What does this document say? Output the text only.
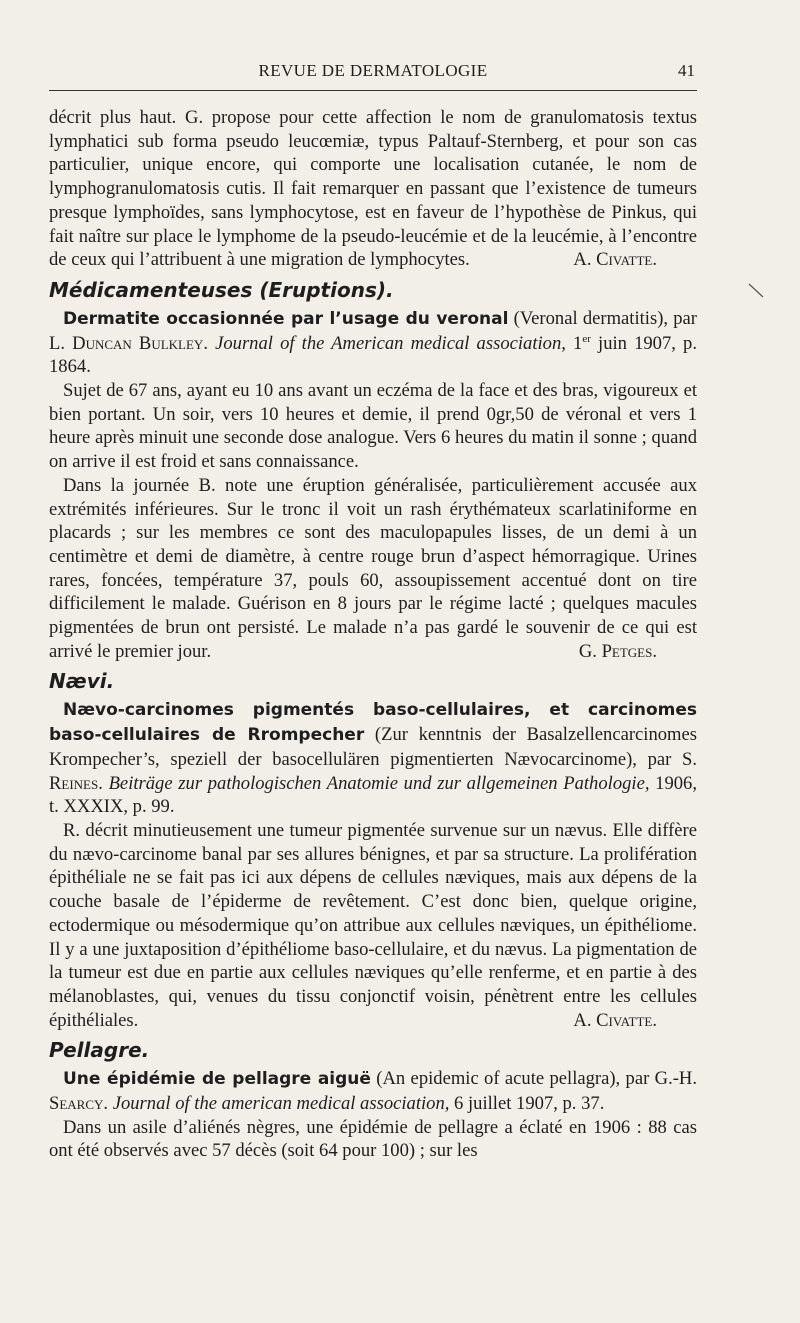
REVUE DE DERMATOLOGIE	41

décrit plus haut. G. propose pour cette affection le nom de granulomatosis textus lymphatici sub forma pseudo leucœmiæ, typus Paltauf-Sternberg, et pour son cas particulier, unique encore, qui comporte une localisation cutanée, le nom de lymphogranulomatosis cutis. Il fait remarquer en passant que l’existence de tumeurs presque lymphoïdes, sans lymphocytose, est en faveur de l’hypothèse de Pinkus, qui fait naître sur place le lymphome de la pseudo-leucémie et de la leucémie, à l’encontre de ceux qui l’attribuent à une migration de lymphocytes.	A. Civatte.

Médicamenteuses (Eruptions).

Dermatite occasionnée par l’usage du veronal (Veronal dermatitis), par L. Duncan Bulkley. Journal of the American medical association, 1er juin 1907, p. 1864.

Sujet de 67 ans, ayant eu 10 ans avant un eczéma de la face et des bras, vigoureux et bien portant. Un soir, vers 10 heures et demie, il prend 0gr,50 de véronal et vers 1 heure après minuit une seconde dose analogue. Vers 6 heures du matin il sonne ; quand on arrive il est froid et sans connaissance.

Dans la journée B. note une éruption généralisée, particulièrement accusée aux extrémités inférieures. Sur le tronc il voit un rash érythémateux scarlatiniforme en placards ; sur les membres ce sont des maculopapules lisses, de un demi à un centimètre et demi de diamètre, à centre rouge brun d’aspect hémorragique. Urines rares, foncées, température 37, pouls 60, assoupissement accentué dont on tire difficilement le malade. Guérison en 8 jours par le régime lacté ; quelques macules pigmentées de brun ont persisté. Le malade n’a pas gardé le souvenir de ce qui est arrivé le premier jour.	G. Petges.

Nævi.

Nævo-carcinomes pigmentés baso-cellulaires, et carcinomes baso-cellulaires de Rrompecher (Zur kenntnis der Basalzellencarcinomes Krompecher’s, speziell der basocellulären pigmentierten Nævocarcinome), par S. Reines. Beiträge zur pathologischen Anatomie und zur allgemeinen Pathologie, 1906, t. XXXIX, p. 99.

R. décrit minutieusement une tumeur pigmentée survenue sur un nævus. Elle diffère du nævo-carcinome banal par ses allures bénignes, et par sa structure. La prolifération épithéliale ne se fait pas ici aux dépens de cellules næviques, mais aux dépens de la couche basale de l’épiderme de revêtement. C’est donc bien, quelque origine, ectodermique ou mésodermique qu’on attribue aux cellules næviques, un épithéliome. Il y a une juxtaposition d’épithéliome baso-cellulaire, et du nævus. La pigmentation de la tumeur est due en partie aux cellules næviques qu’elle renferme, et en partie à des mélanoblastes, qui, venues du tissu conjonctif voisin, pénètrent entre les cellules épithéliales.	A. Civatte.

Pellagre.

Une épidémie de pellagre aiguë (An epidemic of acute pellagra), par G.-H. Searcy. Journal of the american medical association, 6 juillet 1907, p. 37.

Dans un asile d’aliénés nègres, une épidémie de pellagre a éclaté en 1906 : 88 cas ont été observés avec 57 décès (soit 64 pour 100) ; sur les
